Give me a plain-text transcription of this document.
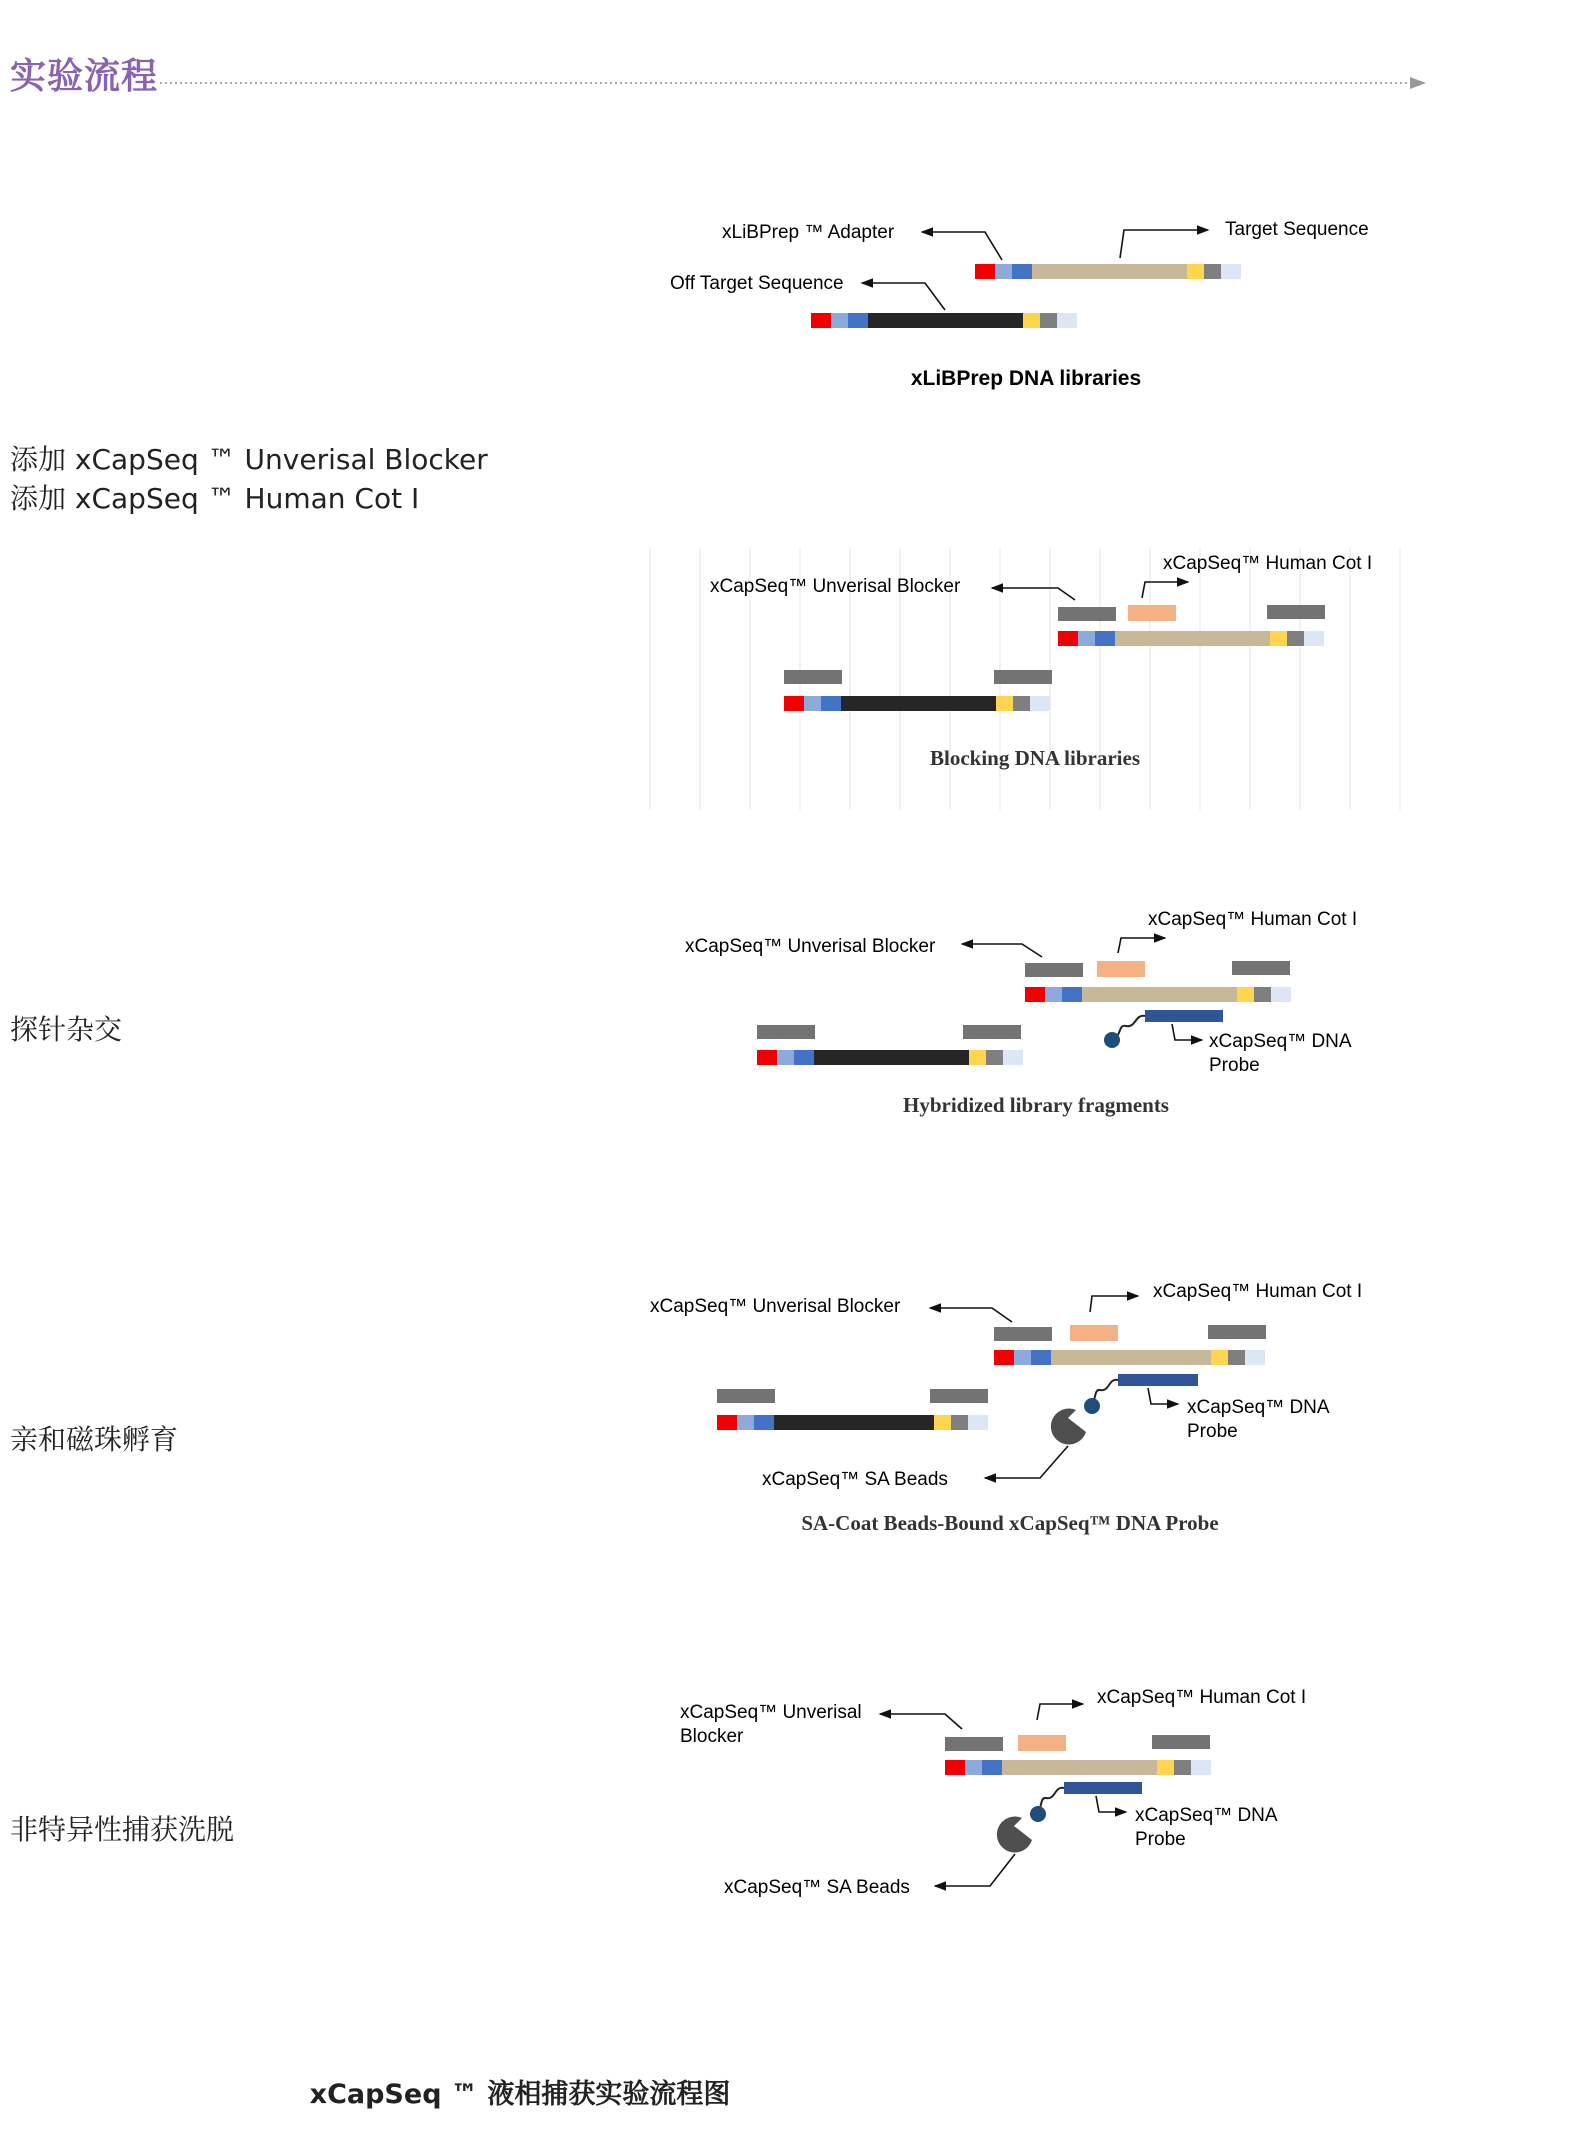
实验流程
添加 xCapSeq ™ Unverisal Blocker
添加 xCapSeq ™ Human Cot I
探针杂交
亲和磁珠孵育
非特异性捕获洗脱
xLiBPrep ™ Adapter	Target Sequence
Off Target Sequence
xLiBPrep DNA libraries
xCapSeq™ Unverisal Blocker
xCapSeq™ Human Cot I
Blocking DNA libraries
xCapSeq™ Unverisal Blocker
xCapSeq™ Human Cot I
xCapSeq™ DNA
Probe
Hybridized library fragments
xCapSeq™ Unverisal Blocker
xCapSeq™ Human Cot I
xCapSeq™ DNA
Probe
xCapSeq™ SA Beads
SA-Coat Beads-Bound xCapSeq™ DNA Probe
xCapSeq™ Unverisal
Blocker
xCapSeq™ Human Cot I
xCapSeq™ DNA
Probe
xCapSeq™ SA Beads
xCapSeq ™ 液相捕获实验流程图
